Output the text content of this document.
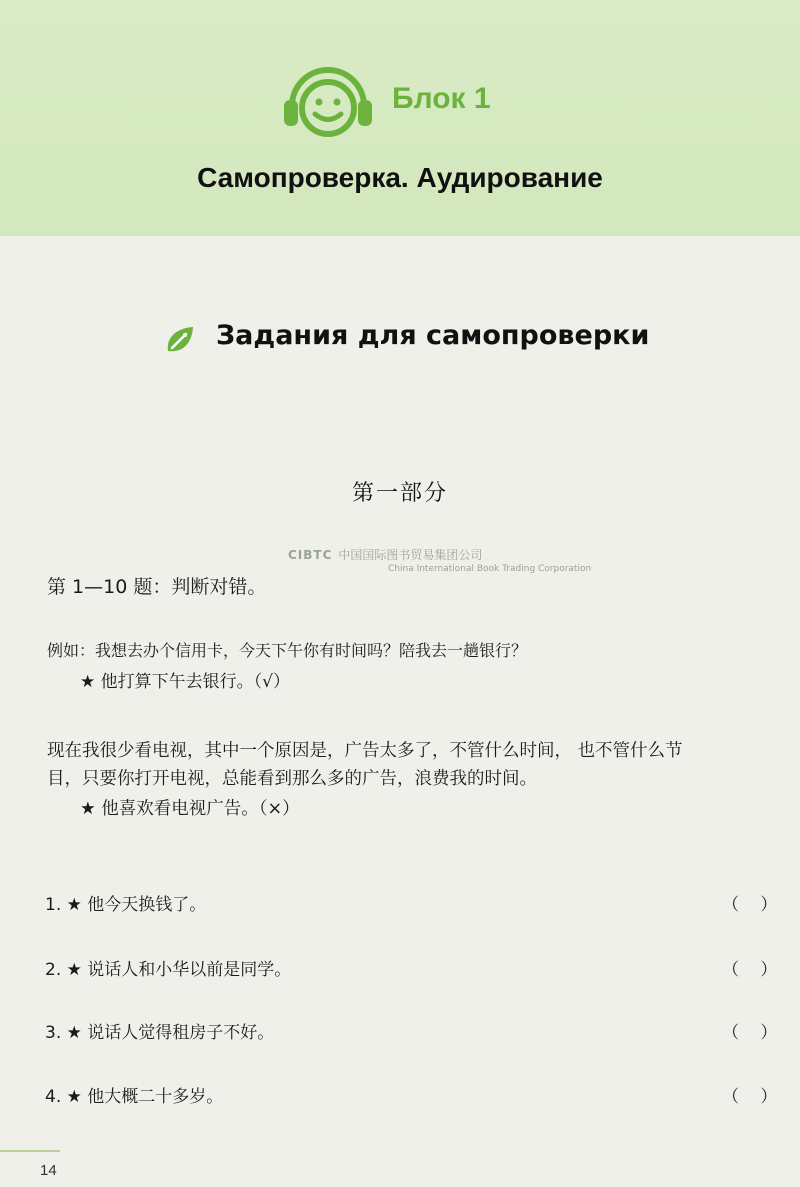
Блок 1
Самопроверка. Аудирование
Задания для самопроверки
第一部分
CIBTC 中国国际图书贸易集团公司
China International Book Trading Corporation
第 1—10 题：判断对错。
例如：我想去办个信用卡，今天下午你有时间吗？陪我去一趟银行？
★ 他打算下午去银行。（√）
现在我很少看电视，其中一个原因是，广告太多了，不管什么时间， 也不管什么节
目，只要你打开电视，总能看到那么多的广告，浪费我的时间。
★ 他喜欢看电视广告。（×）
1. ★ 他今天换钱了。	（ ）
2. ★ 说话人和小华以前是同学。	（ ）
3. ★ 说话人觉得租房子不好。	（ ）
4. ★ 他大概二十多岁。	（ ）
14
